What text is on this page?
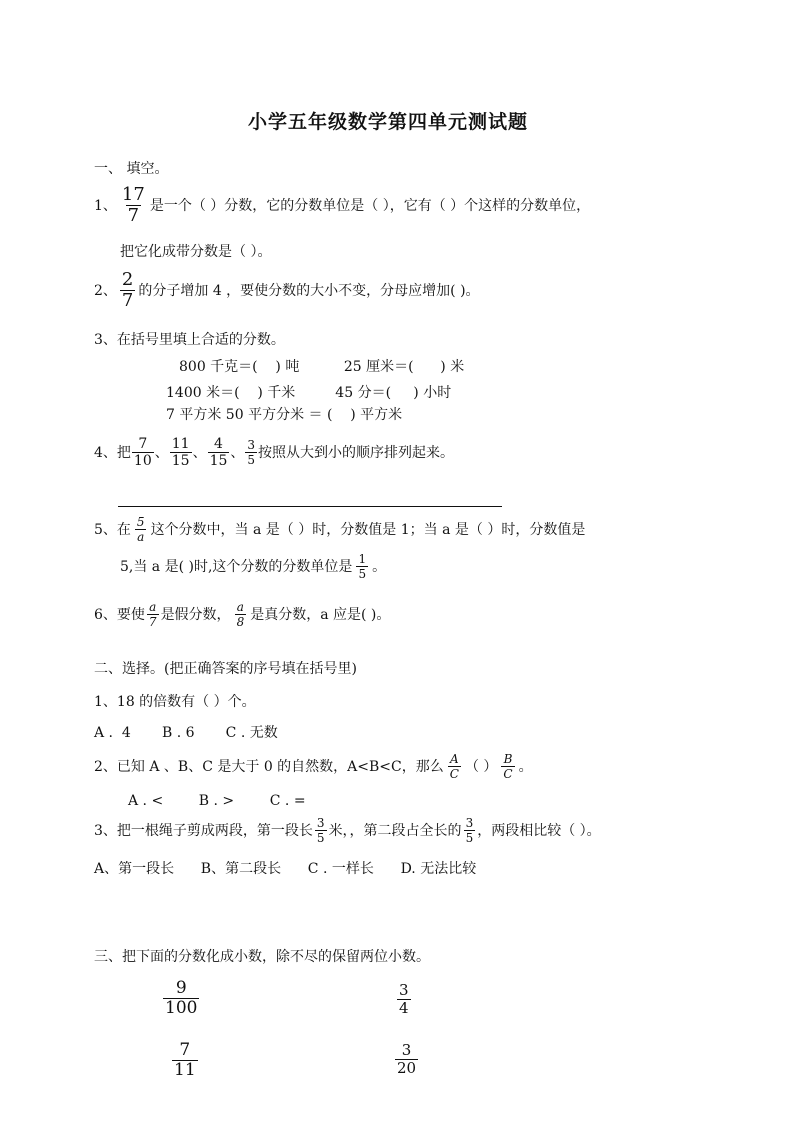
小学五年级数学第四单元测试题
一、 填空。
1、 $\frac{17}{7}$ 是一个（ ）分数，它的分数单位是（ ），它有（ ）个这样的分数单位，
把它化成带分数是（ ）。
2、 $\frac{2}{7}$ 的分子增加 4 ，要使分数的大小不变，分母应增加( )。
3、在括号里填上合适的分数。
800 千克＝(    ) 吨          25 厘米＝(      ) 米
1400 米＝(    ) 千米         45 分＝(     ) 小时
7 平方米 50 平方分米 ＝ (    ) 平方米
4、把 $\frac{7}{10}$ 、 $\frac{11}{15}$ 、 $\frac{4}{15}$ 、 $\frac{3}{5}$ 按照从大到小的顺序排列起来。
5、在 $\frac{5}{a}$ 这个分数中，当 a 是（ ）时，分数值是 1；当 a 是（ ）时，分数值是
5,当 a 是( )时,这个分数的分数单位是 $\frac{1}{5}$ 。
6、要使 $\frac{a}{7}$ 是假分数， $\frac{a}{8}$ 是真分数，a 应是( )。
二、选择。(把正确答案的序号填在括号里)
1、18 的倍数有（ ）个。
A .  4       B . 6       C . 无数
2、已知 A 、B、C 是大于 0 的自然数，A<B<C，那么 $\frac{A}{C}$ （ ） $\frac{B}{C}$ 。
A . <        B . >        C . =
3、把一根绳子剪成两段，第一段长 $\frac{3}{5}$ 米，，第二段占全长的 $\frac{3}{5}$ ，两段相比较（ ）。
A、第一段长      B、第二段长      C . 一样长      D. 无法比较
三、把下面的分数化成小数，除不尽的保留两位小数。
$\frac{9}{100}$	$\frac{3}{4}$
$\frac{7}{11}$	$\frac{3}{20}$
